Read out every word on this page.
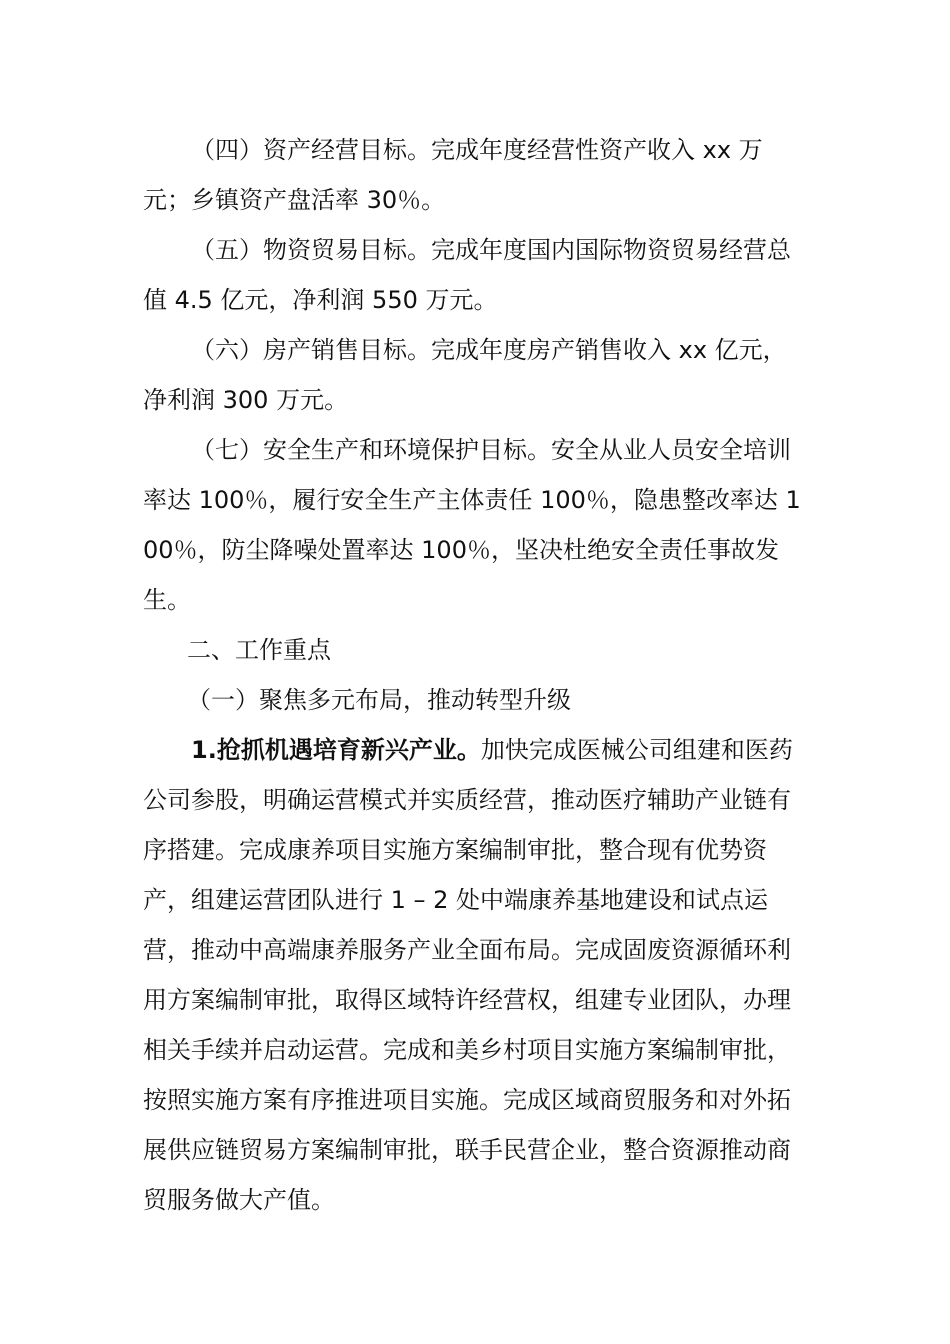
（四）资产经营目标。完成年度经营性资产收入 xx 万元；乡镇资产盘活率 30％。

（五）物资贸易目标。完成年度国内国际物资贸易经营总值 4.5 亿元，净利润 550 万元。

（六）房产销售目标。完成年度房产销售收入 xx 亿元，净利润 300 万元。

（七）安全生产和环境保护目标。安全从业人员安全培训率达 100％，履行安全生产主体责任 100％，隐患整改率达 100％，防尘降噪处置率达 100％，坚决杜绝安全责任事故发生。

二、工作重点

（一）聚焦多元布局，推动转型升级

1.抢抓机遇培育新兴产业。加快完成医械公司组建和医药公司参股，明确运营模式并实质经营，推动医疗辅助产业链有序搭建。完成康养项目实施方案编制审批，整合现有优势资产，组建运营团队进行 1 – 2 处中端康养基地建设和试点运营，推动中高端康养服务产业全面布局。完成固废资源循环利用方案编制审批，取得区域特许经营权，组建专业团队，办理相关手续并启动运营。完成和美乡村项目实施方案编制审批，按照实施方案有序推进项目实施。完成区域商贸服务和对外拓展供应链贸易方案编制审批，联手民营企业，整合资源推动商贸服务做大产值。
